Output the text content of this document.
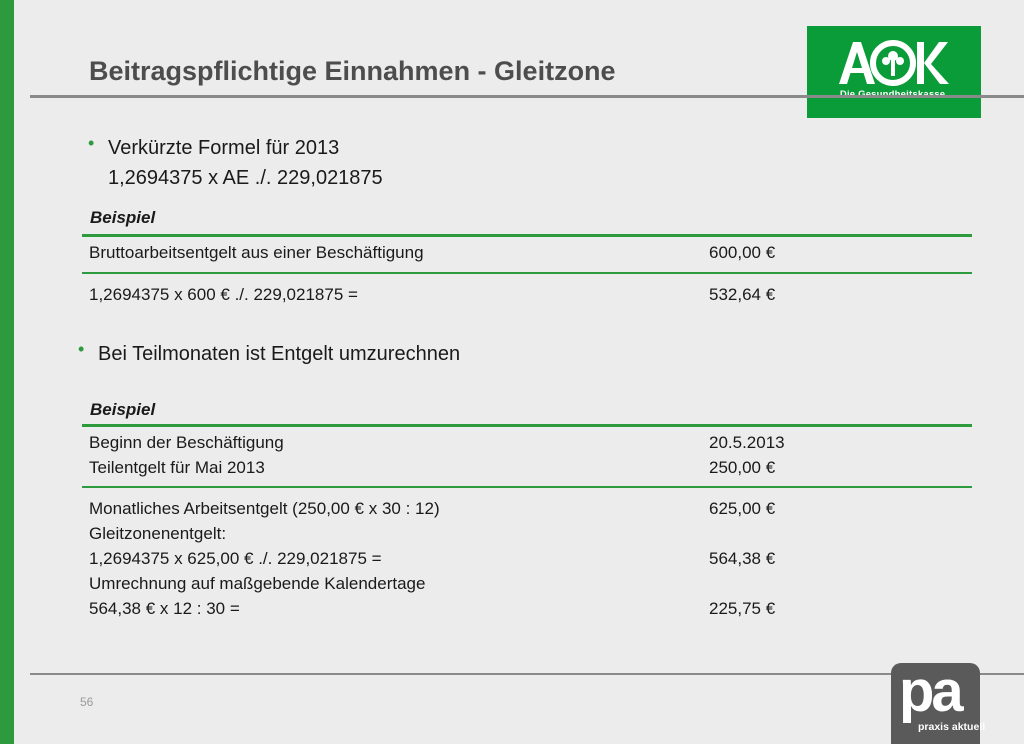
Beitragspflichtige Einnahmen - Gleitzone
• Verkürzte Formel für 2013
1,2694375 x AE ./. 229,021875
Beispiel
Bruttoarbeitsentgelt aus einer Beschäftigung	600,00 €
1,2694375 x 600 € ./. 229,021875 =	532,64 €
• Bei Teilmonaten ist Entgelt umzurechnen
Beispiel
Beginn der Beschäftigung	20.5.2013
Teilentgelt für Mai 2013	250,00 €
Monatliches Arbeitsentgelt (250,00 € x 30 : 12)	625,00 €
Gleitzonenentgelt:
1,2694375 x 625,00 € ./. 229,021875 =	564,38 €
Umrechnung auf maßgebende Kalendertage
564,38 € x 12 : 30 =	225,75 €
56	pa
praxis aktuell
